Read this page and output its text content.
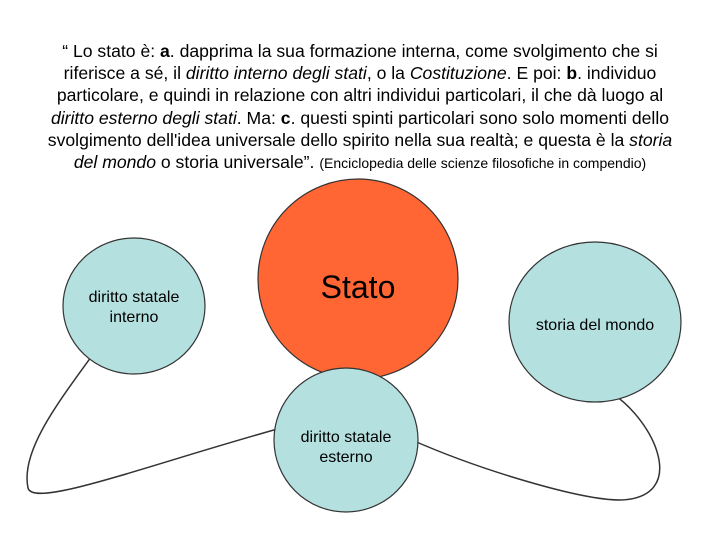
“ Lo stato è: a. dapprima la sua formazione interna, come svolgimento che si riferisce a sé, il diritto interno degli stati, o la Costituzione. E poi: b. individuo particolare, e quindi in relazione con altri individui particolari, il che dà luogo al diritto esterno degli stati. Ma: c. questi spinti particolari sono solo momenti dello svolgimento dell'idea universale dello spirito nella sua realtà; e questa è la storia del mondo o storia universale”. (Enciclopedia delle scienze filosofiche in compendio)

Stato
diritto statale
interno	storia del mondo
diritto statale
esterno
